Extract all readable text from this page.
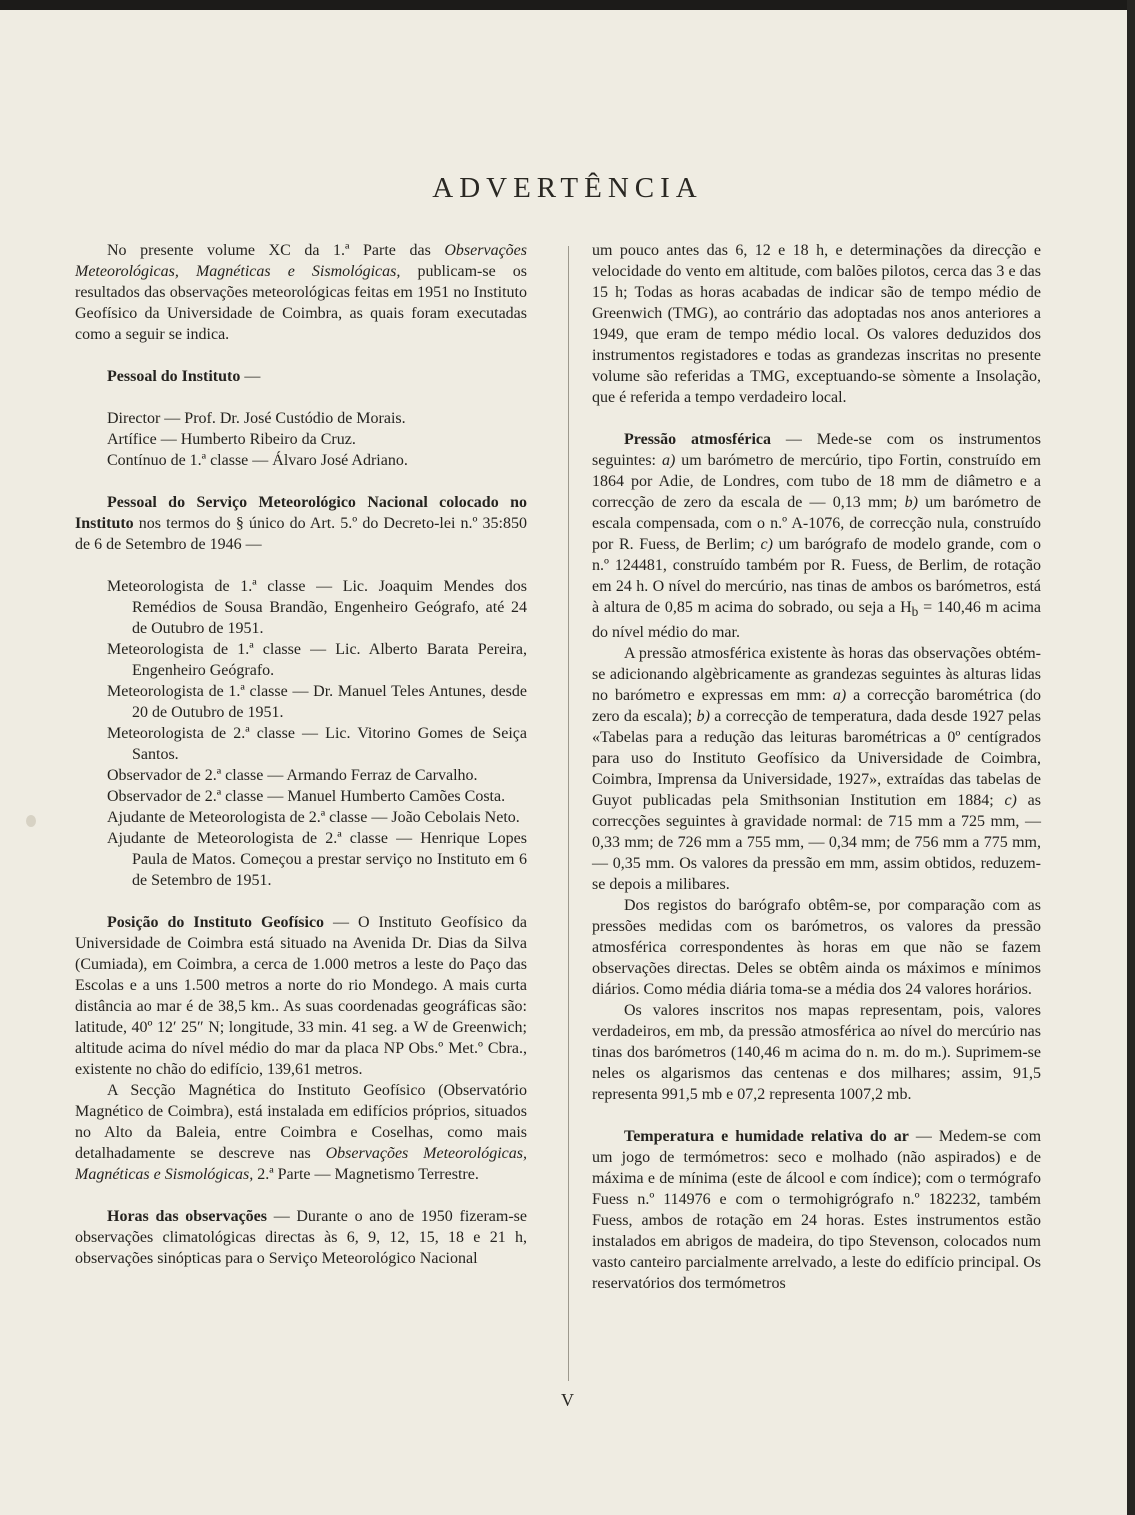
ADVERTÊNCIA

No presente volume XC da 1.ª Parte das Observações Meteorológicas, Magnéticas e Sismológicas, publicam-se os resultados das observações meteorológicas feitas em 1951 no Instituto Geofísico da Universidade de Coimbra, as quais foram executadas como a seguir se indica.

Pessoal do Instituto —

Director — Prof. Dr. José Custódio de Morais.

Artífice — Humberto Ribeiro da Cruz.

Contínuo de 1.ª classe — Álvaro José Adriano.

Pessoal do Serviço Meteorológico Nacional colocado no Instituto nos termos do § único do Art. 5.º do Decreto-lei n.º 35:850 de 6 de Setembro de 1946 —

Meteorologista de 1.ª classe — Lic. Joaquim Mendes dos Remédios de Sousa Brandão, Engenheiro Geógrafo, até 24 de Outubro de 1951.

Meteorologista de 1.ª classe — Lic. Alberto Barata Pereira, Engenheiro Geógrafo.

Meteorologista de 1.ª classe — Dr. Manuel Teles Antunes, desde 20 de Outubro de 1951.

Meteorologista de 2.ª classe — Lic. Vitorino Gomes de Seiça Santos.

Observador de 2.ª classe — Armando Ferraz de Carvalho.

Observador de 2.ª classe — Manuel Humberto Camões Costa.

Ajudante de Meteorologista de 2.ª classe — João Cebolais Neto.

Ajudante de Meteorologista de 2.ª classe — Henrique Lopes Paula de Matos. Começou a prestar serviço no Instituto em 6 de Setembro de 1951.

Posição do Instituto Geofísico — O Instituto Geofísico da Universidade de Coimbra está situado na Avenida Dr. Dias da Silva (Cumiada), em Coimbra, a cerca de 1.000 metros a leste do Paço das Escolas e a uns 1.500 metros a norte do rio Mondego. A mais curta distância ao mar é de 38,5 km.. As suas coordenadas geográficas são: latitude, 40º 12′ 25″ N; longitude, 33 min. 41 seg. a W de Greenwich; altitude acima do nível médio do mar da placa NP Obs.º Met.º Cbra., existente no chão do edifício, 139,61 metros.

A Secção Magnética do Instituto Geofísico (Observatório Magnético de Coimbra), está instalada em edifícios próprios, situados no Alto da Baleia, entre Coimbra e Coselhas, como mais detalhadamente se descreve nas Observações Meteorológicas, Magnéticas e Sismológicas, 2.ª Parte — Magnetismo Terrestre.

Horas das observações — Durante o ano de 1950 fizeram-se observações climatológicas directas às 6, 9, 12, 15, 18 e 21 h, observações sinópticas para o Serviço Meteorológico Nacional

um pouco antes das 6, 12 e 18 h, e determinações da direcção e velocidade do vento em altitude, com balões pilotos, cerca das 3 e das 15 h; Todas as horas acabadas de indicar são de tempo médio de Greenwich (TMG), ao contrário das adoptadas nos anos anteriores a 1949, que eram de tempo médio local. Os valores deduzidos dos instrumentos registadores e todas as grandezas inscritas no presente volume são referidas a TMG, exceptuando-se sòmente a Insolação, que é referida a tempo verdadeiro local.

Pressão atmosférica — Mede-se com os instrumentos seguintes: a) um barómetro de mercúrio, tipo Fortin, construído em 1864 por Adie, de Londres, com tubo de 18 mm de diâmetro e a correcção de zero da escala de — 0,13 mm; b) um barómetro de escala compensada, com o n.º A-1076, de correcção nula, construído por R. Fuess, de Berlim; c) um barógrafo de modelo grande, com o n.º 124481, construído também por R. Fuess, de Berlim, de rotação em 24 h. O nível do mercúrio, nas tinas de ambos os barómetros, está à altura de 0,85 m acima do sobrado, ou seja a $H_b = 140,46$ m acima do nível médio do mar.

A pressão atmosférica existente às horas das observações obtém-se adicionando algèbricamente as grandezas seguintes às alturas lidas no barómetro e expressas em mm: a) a correcção barométrica (do zero da escala); b) a correcção de temperatura, dada desde 1927 pelas «Tabelas para a redução das leituras barométricas a 0º centígrados para uso do Instituto Geofísico da Universidade de Coimbra, Coimbra, Imprensa da Universidade, 1927», extraídas das tabelas de Guyot publicadas pela Smithsonian Institution em 1884; c) as correcções seguintes à gravidade normal: de 715 mm a 725 mm, — 0,33 mm; de 726 mm a 755 mm, — 0,34 mm; de 756 mm a 775 mm, — 0,35 mm. Os valores da pressão em mm, assim obtidos, reduzem-se depois a milibares.

Dos registos do barógrafo obtêm-se, por comparação com as pressões medidas com os barómetros, os valores da pressão atmosférica correspondentes às horas em que não se fazem observações directas. Deles se obtêm ainda os máximos e mínimos diários. Como média diária toma-se a média dos 24 valores horários.

Os valores inscritos nos mapas representam, pois, valores verdadeiros, em mb, da pressão atmosférica ao nível do mercúrio nas tinas dos barómetros (140,46 m acima do n. m. do m.). Suprimem-se neles os algarismos das centenas e dos milhares; assim, 91,5 representa 991,5 mb e 07,2 representa 1007,2 mb.

Temperatura e humidade relativa do ar — Medem-se com um jogo de termómetros: seco e molhado (não aspirados) e de máxima e de mínima (este de álcool e com índice); com o termógrafo Fuess n.º 114976 e com o termohigrógrafo n.º 182232, também Fuess, ambos de rotação em 24 horas. Estes instrumentos estão instalados em abrigos de madeira, do tipo Stevenson, colocados num vasto canteiro parcialmente arrelvado, a leste do edifício principal. Os reservatórios dos termómetros

V
